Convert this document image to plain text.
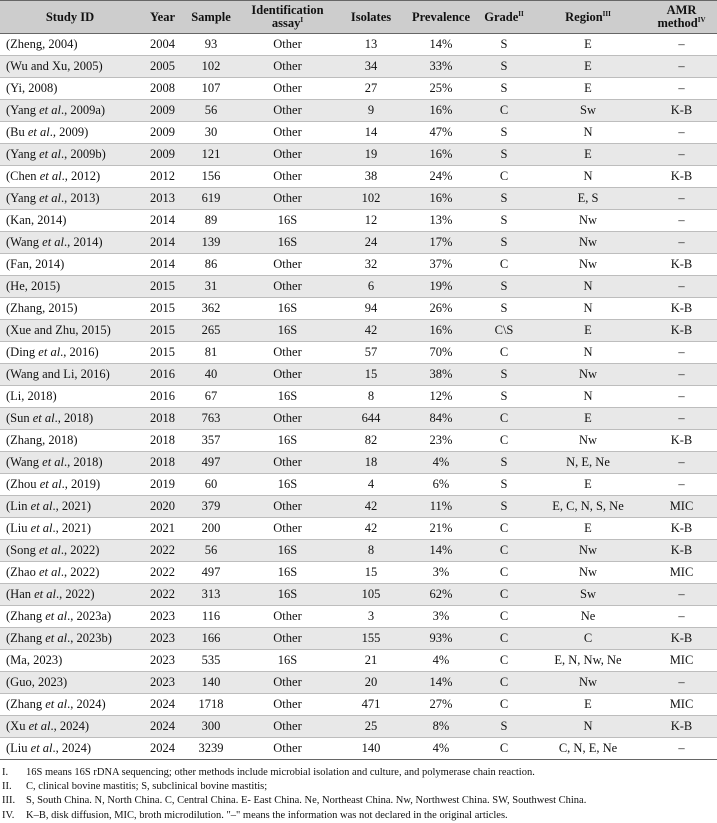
Study ID	Year	Sample	Identification assay$^I$	Isolates	Prevalence	Grade$^{II}$	Region$^{III}$	AMR method$^{IV}$
(Zheng, 2004)	2004	93	Other	13	14%	S	E	–
(Wu and Xu, 2005)	2005	102	Other	34	33%	S	E	–
(Yi, 2008)	2008	107	Other	27	25%	S	E	–
(Yang et al., 2009a)	2009	56	Other	9	16%	C	Sw	K-B
(Bu et al., 2009)	2009	30	Other	14	47%	S	N	–
(Yang et al., 2009b)	2009	121	Other	19	16%	S	E	–
(Chen et al., 2012)	2012	156	Other	38	24%	C	N	K-B
(Yang et al., 2013)	2013	619	Other	102	16%	S	E, S	–
(Kan, 2014)	2014	89	16S	12	13%	S	Nw	–
(Wang et al., 2014)	2014	139	16S	24	17%	S	Nw	–
(Fan, 2014)	2014	86	Other	32	37%	C	Nw	K-B
(He, 2015)	2015	31	Other	6	19%	S	N	–
(Zhang, 2015)	2015	362	16S	94	26%	S	N	K-B
(Xue and Zhu, 2015)	2015	265	16S	42	16%	C\S	E	K-B
(Ding et al., 2016)	2015	81	Other	57	70%	C	N	–
(Wang and Li, 2016)	2016	40	Other	15	38%	S	Nw	–
(Li, 2018)	2016	67	16S	8	12%	S	N	–
(Sun et al., 2018)	2018	763	Other	644	84%	C	E	–
(Zhang, 2018)	2018	357	16S	82	23%	C	Nw	K-B
(Wang et al., 2018)	2018	497	Other	18	4%	S	N, E, Ne	–
(Zhou et al., 2019)	2019	60	16S	4	6%	S	E	–
(Lin et al., 2021)	2020	379	Other	42	11%	S	E, C, N, S, Ne	MIC
(Liu et al., 2021)	2021	200	Other	42	21%	C	E	K-B
(Song et al., 2022)	2022	56	16S	8	14%	C	Nw	K-B
(Zhao et al., 2022)	2022	497	16S	15	3%	C	Nw	MIC
(Han et al., 2022)	2022	313	16S	105	62%	C	Sw	–
(Zhang et al., 2023a)	2023	116	Other	3	3%	C	Ne	–
(Zhang et al., 2023b)	2023	166	Other	155	93%	C	C	K-B
(Ma, 2023)	2023	535	16S	21	4%	C	E, N, Nw, Ne	MIC
(Guo, 2023)	2023	140	Other	20	14%	C	Nw	–
(Zhang et al., 2024)	2024	1718	Other	471	27%	C	E	MIC
(Xu et al., 2024)	2024	300	Other	25	8%	S	N	K-B
(Liu et al., 2024)	2024	3239	Other	140	4%	C	C, N, E, Ne	–
I. 16S means 16S rDNA sequencing; other methods include microbial isolation and culture, and polymerase chain reaction.
II. C, clinical bovine mastitis; S, subclinical bovine mastitis;
III. S, South China. N, North China. C, Central China. E- East China. Ne, Northeast China. Nw, Northwest China. SW, Southwest China.
IV. K–B, disk diffusion, MIC, broth microdilution. "–" means the information was not declared in the original articles.
